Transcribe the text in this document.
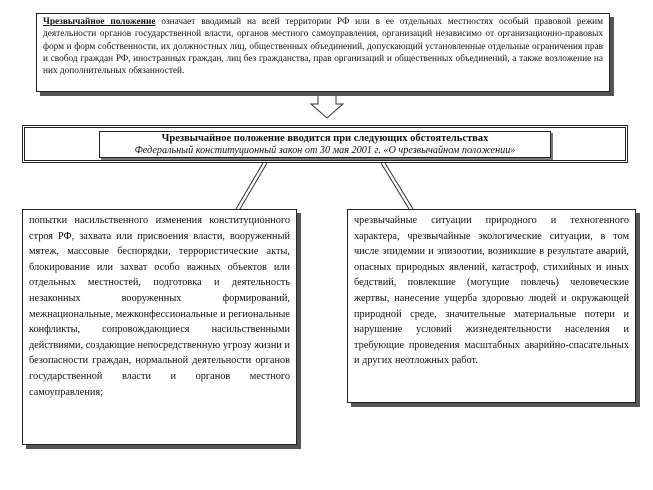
Чрезвычайное положение означает вводимый на всей территории РФ или в ее отдельных местностях особый правовой режим деятельности органов государственной власти, органов местного самоуправления, организаций независимо от организационно-правовых форм и форм собственности, их должностных лиц, общественных объединений, допускающий установленные отдельные ограничения прав и свобод граждан РФ, иностранных граждан, лиц без гражданства, прав организаций и общественных объединений, а также возложение на них дополнительных обязанностей.
Чрезвычайное положение вводится при следующих обстоятельствах
Федеральный конституционный закон от 30 мая 2001 г. «О чрезвычайном положении»
попытки насильственного изменения конституционного строя РФ, захвата или присвоения власти, вооруженный мятеж, массовые беспорядки, террористические акты, блокирование или захват особо важных объектов или отдельных местностей, подготовка и деятельность незаконных вооруженных формирований, межнациональные, межконфессиональные и региональные конфликты, сопровождающиеся насильственными действиями, создающие непосредственную угрозу жизни и безопасности граждан, нормальной деятельности органов государственной власти и органов местного самоуправления;
чрезвычайные ситуации природного и техногенного характера, чрезвычайные экологические ситуации, в том числе эпидемии и эпизоотии, возникшие в результате аварий, опасных природных явлений, катастроф, стихийных и иных бедствий, повлекшие (могущие повлечь) человеческие жертвы, нанесение ущерба здоровью людей и окружающей природной среде, значительные материальные потери и нарушение условий жизнедеятельности населения и требующие проведения масштабных аварийно-спасательных и других неотложных работ.
